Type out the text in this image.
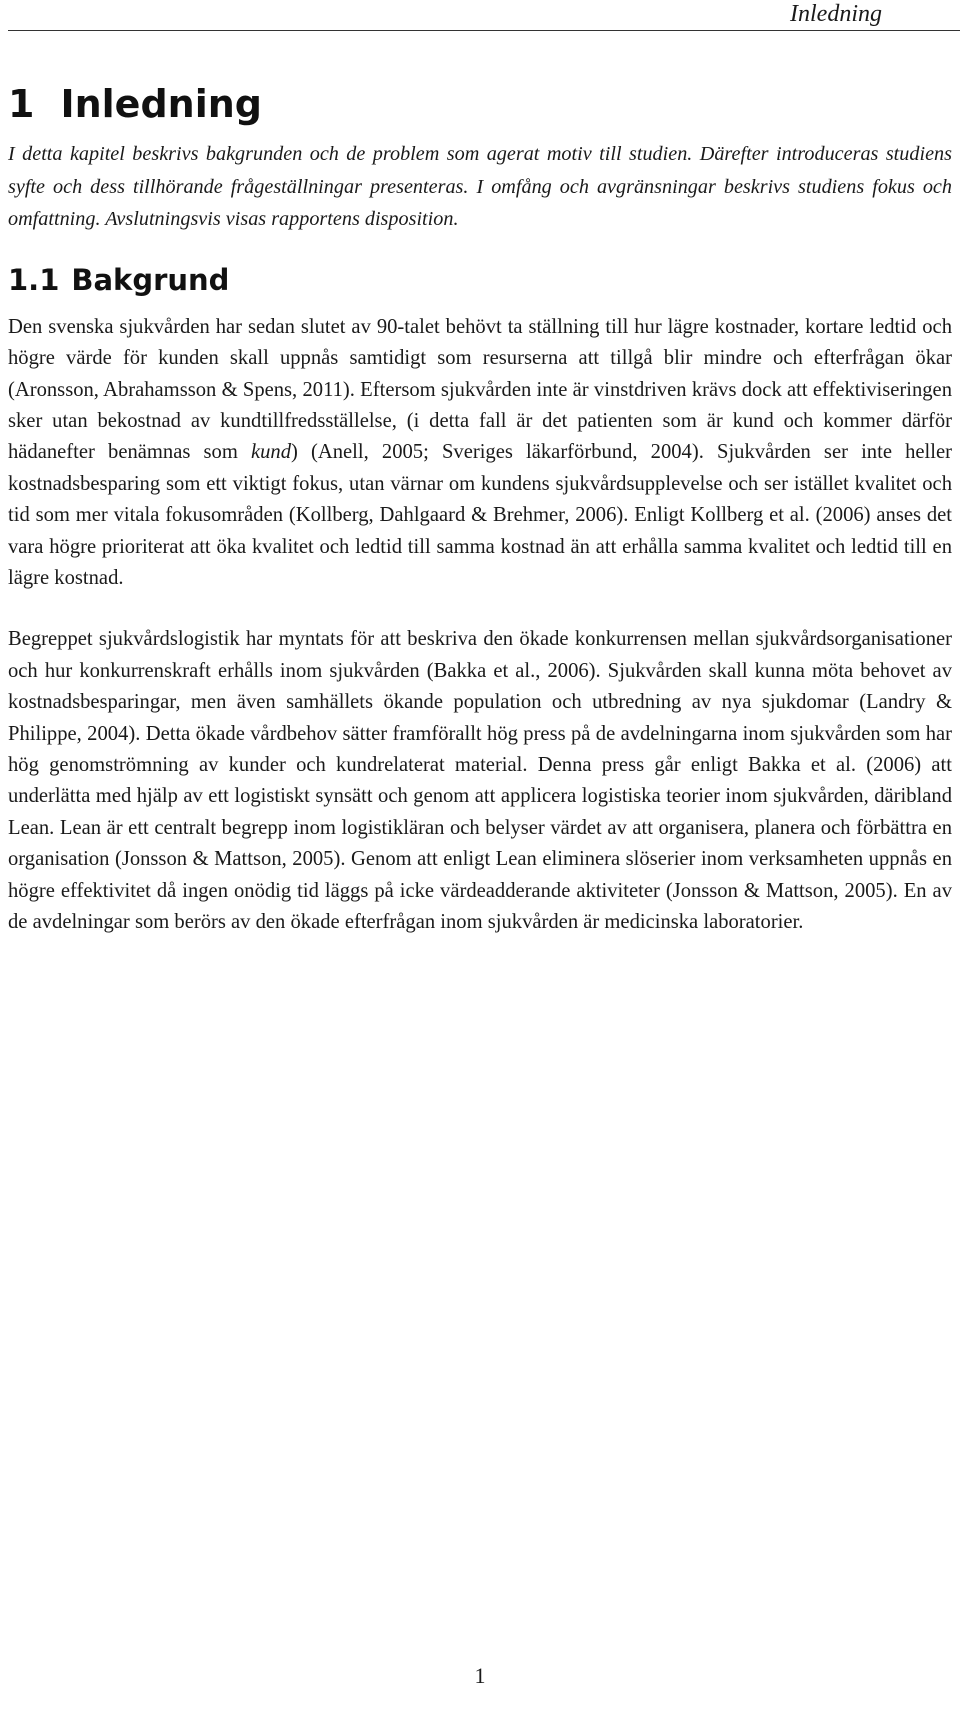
Inledning
1 Inledning

I detta kapitel beskrivs bakgrunden och de problem som agerat motiv till studien. Därefter introduceras studiens syfte och dess tillhörande frågeställningar presenteras. I omfång och avgränsningar beskrivs studiens fokus och omfattning. Avslutningsvis visas rapportens disposition.

1.1 Bakgrund

Den svenska sjukvården har sedan slutet av 90-talet behövt ta ställning till hur lägre kostnader, kortare ledtid och högre värde för kunden skall uppnås samtidigt som resurserna att tillgå blir mindre och efterfrågan ökar (Aronsson, Abrahamsson & Spens, 2011). Eftersom sjukvården inte är vinstdriven krävs dock att effektiviseringen sker utan bekostnad av kundtillfredsställelse, (i detta fall är det patienten som är kund och kommer därför hädanefter benämnas som kund) (Anell, 2005; Sveriges läkarförbund, 2004). Sjukvården ser inte heller kostnadsbesparing som ett viktigt fokus, utan värnar om kundens sjukvårdsupplevelse och ser istället kvalitet och tid som mer vitala fokusområden (Kollberg, Dahlgaard & Brehmer, 2006). Enligt Kollberg et al. (2006) anses det vara högre prioriterat att öka kvalitet och ledtid till samma kostnad än att erhålla samma kvalitet och ledtid till en lägre kostnad.

Begreppet sjukvårdslogistik har myntats för att beskriva den ökade konkurrensen mellan sjukvårdsorganisationer och hur konkurrenskraft erhålls inom sjukvården (Bakka et al., 2006). Sjukvården skall kunna möta behovet av kostnadsbesparingar, men även samhällets ökande population och utbredning av nya sjukdomar (Landry & Philippe, 2004). Detta ökade vårdbehov sätter framförallt hög press på de avdelningarna inom sjukvården som har hög genomströmning av kunder och kundrelaterat material. Denna press går enligt Bakka et al. (2006) att underlätta med hjälp av ett logistiskt synsätt och genom att applicera logistiska teorier inom sjukvården, däribland Lean. Lean är ett centralt begrepp inom logistikläran och belyser värdet av att organisera, planera och förbättra en organisation (Jonsson & Mattson, 2005). Genom att enligt Lean eliminera slöserier inom verksamheten uppnås en högre effektivitet då ingen onödig tid läggs på icke värdeadderande aktiviteter (Jonsson & Mattson, 2005). En av de avdelningar som berörs av den ökade efterfrågan inom sjukvården är medicinska laboratorier.

1
